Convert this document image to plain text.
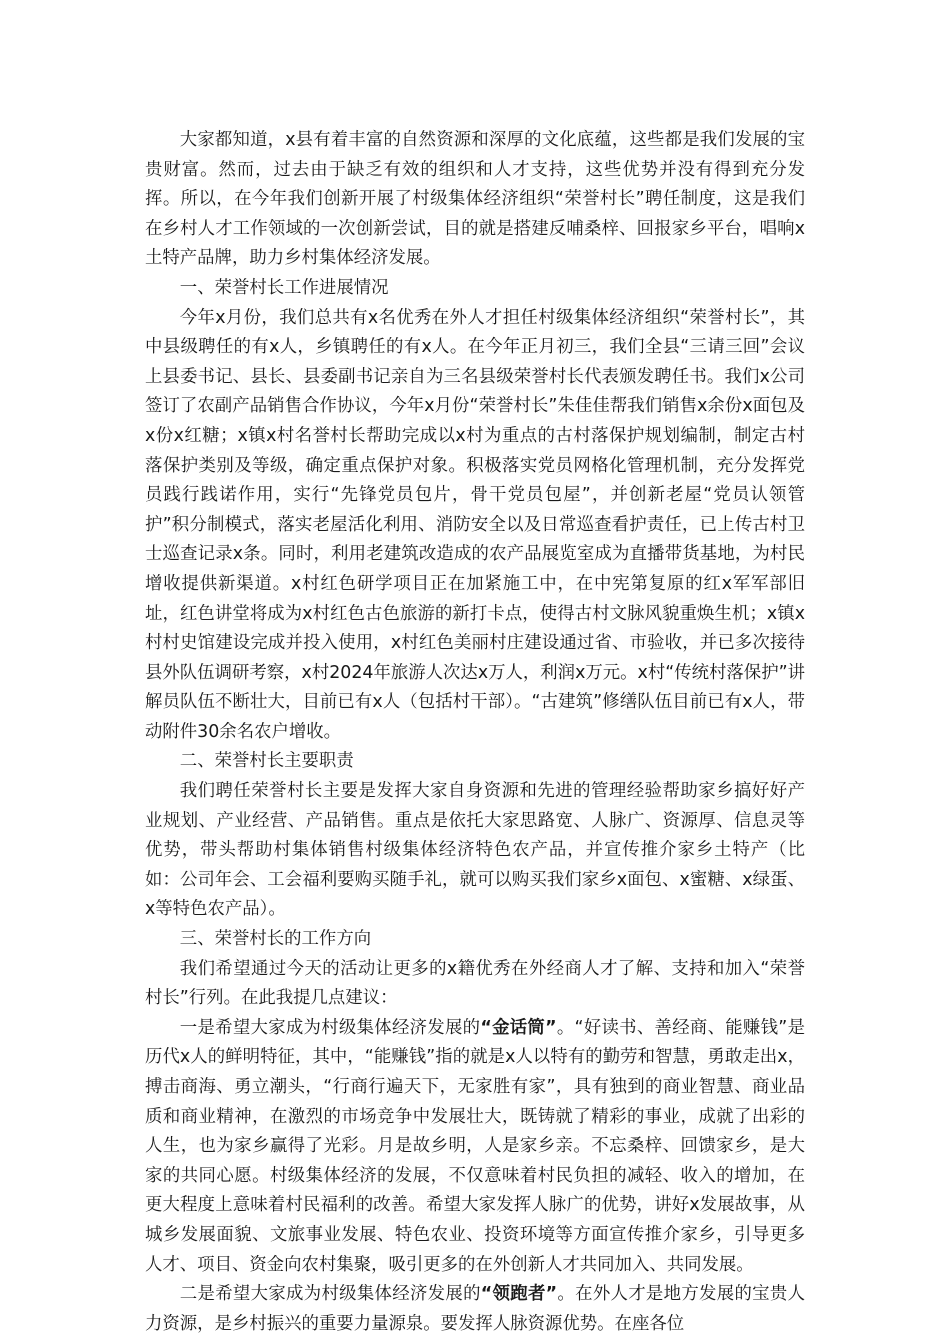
大家都知道，x县有着丰富的自然资源和深厚的文化底蕴，这些都是我们发展的宝贵财富。然而，过去由于缺乏有效的组织和人才支持，这些优势并没有得到充分发挥。所以，在今年我们创新开展了村级集体经济组织“荣誉村长”聘任制度，这是我们在乡村人才工作领域的一次创新尝试，目的就是搭建反哺桑梓、回报家乡平台，唱响x土特产品牌，助力乡村集体经济发展。

一、荣誉村长工作进展情况

今年x月份，我们总共有x名优秀在外人才担任村级集体经济组织“荣誉村长”，其中县级聘任的有x人，乡镇聘任的有x人。在今年正月初三，我们全县“三请三回”会议上县委书记、县长、县委副书记亲自为三名县级荣誉村长代表颁发聘任书。我们x公司签订了农副产品销售合作协议，今年x月份“荣誉村长”朱佳佳帮我们销售x余份x面包及x份x红糖；x镇x村名誉村长帮助完成以x村为重点的古村落保护规划编制，制定古村落保护类别及等级，确定重点保护对象。积极落实党员网格化管理机制，充分发挥党员践行践诺作用，实行“先锋党员包片，骨干党员包屋”，并创新老屋“党员认领管护”积分制模式，落实老屋活化利用、消防安全以及日常巡查看护责任，已上传古村卫士巡查记录x条。同时，利用老建筑改造成的农产品展览室成为直播带货基地，为村民增收提供新渠道。x村红色研学项目正在加紧施工中，在中宪第复原的红x军军部旧址，红色讲堂将成为x村红色古色旅游的新打卡点，使得古村文脉风貌重焕生机；x镇x村村史馆建设完成并投入使用，x村红色美丽村庄建设通过省、市验收，并已多次接待县外队伍调研考察，x村2024年旅游人次达x万人，利润x万元。x村“传统村落保护”讲解员队伍不断壮大，目前已有x人（包括村干部）。“古建筑”修缮队伍目前已有x人，带动附件30余名农户增收。

二、荣誉村长主要职责

我们聘任荣誉村长主要是发挥大家自身资源和先进的管理经验帮助家乡搞好好产业规划、产业经营、产品销售。重点是依托大家思路宽、人脉广、资源厚、信息灵等优势，带头帮助村集体销售村级集体经济特色农产品，并宣传推介家乡土特产（比如：公司年会、工会福利要购买随手礼，就可以购买我们家乡x面包、x蜜糖、x绿蛋、x等特色农产品）。

三、荣誉村长的工作方向

我们希望通过今天的活动让更多的x籍优秀在外经商人才了解、支持和加入“荣誉村长”行列。在此我提几点建议：

一是希望大家成为村级集体经济发展的“金话筒”。“好读书、善经商、能赚钱”是历代x人的鲜明特征，其中，“能赚钱”指的就是x人以特有的勤劳和智慧，勇敢走出x，搏击商海、勇立潮头，“行商行遍天下，无家胜有家”，具有独到的商业智慧、商业品质和商业精神，在激烈的市场竞争中发展壮大，既铸就了精彩的事业，成就了出彩的人生，也为家乡赢得了光彩。月是故乡明，人是家乡亲。不忘桑梓、回馈家乡，是大家的共同心愿。村级集体经济的发展，不仅意味着村民负担的减轻、收入的增加，在更大程度上意味着村民福利的改善。希望大家发挥人脉广的优势，讲好x发展故事，从城乡发展面貌、文旅事业发展、特色农业、投资环境等方面宣传推介家乡，引导更多人才、项目、资金向农村集聚，吸引更多的在外创新人才共同加入、共同发展。

二是希望大家成为村级集体经济发展的“领跑者”。在外人才是地方发展的宝贵人力资源，是乡村振兴的重要力量源泉。要发挥人脉资源优势。在座各位
